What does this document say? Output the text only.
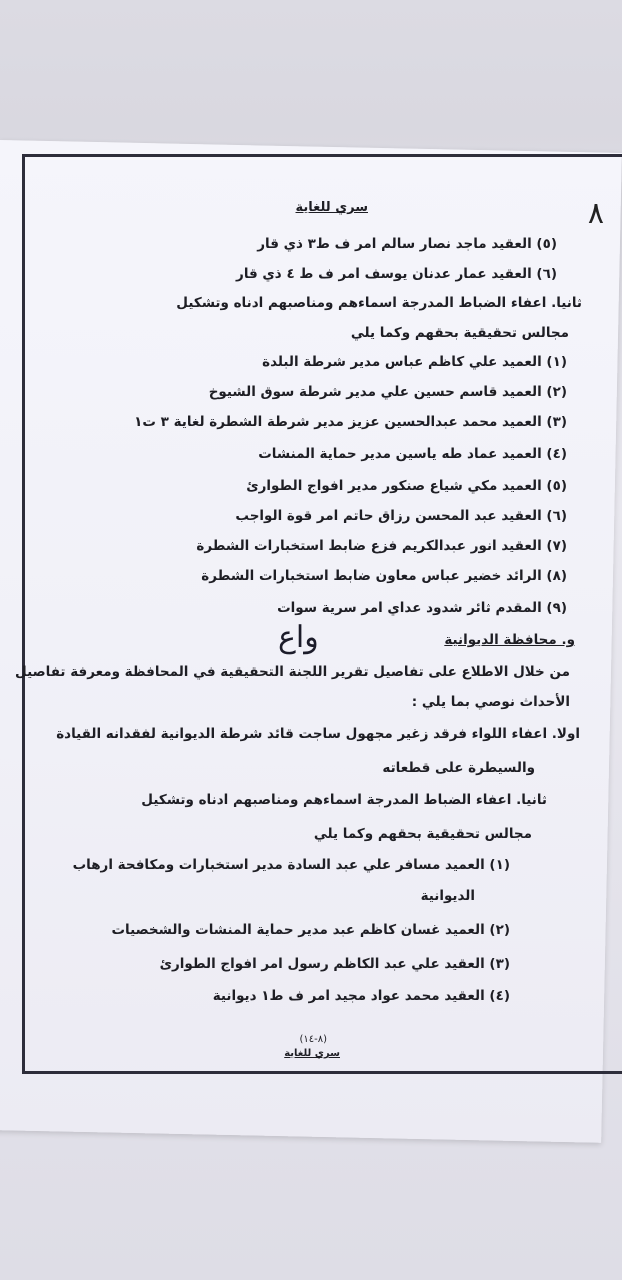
٨
سري للغاية
(٥) العقيد ماجد نصار سالم امر ف ط٣ ذي قار
(٦) العقيد عمار عدنان يوسف امر ف ط ٤ ذي قار
ثانيا. اعفاء الضباط المدرجة اسماءهم ومناصبهم ادناه وتشكيل
مجالس تحقيقية بحقهم وكما يلي
(١) العميد علي كاظم عباس مدير شرطة البلدة
(٢) العميد قاسم حسين علي مدير شرطة سوق الشيوخ
(٣) العميد محمد عبدالحسين عزيز مدير شرطة الشطرة لغاية ٣ ت١
(٤) العميد عماد طه ياسين مدير حماية المنشات
(٥) العميد مكي شياع صنكور مدير افواج الطوارئ
(٦) العقيد عبد المحسن رزاق حاتم امر قوة الواجب
(٧) العقيد انور عبدالكريم فزع ضابط استخبارات الشطرة
(٨) الرائد خضير عباس معاون ضابط استخبارات الشطرة
(٩) المقدم ثائر شدود عداي امر سرية سوات
واع	و. محافظة الديوانية
من خلال الاطلاع على تفاصيل تقرير اللجنة التحقيقية في المحافظة ومعرفة تفاصيل
الأحداث نوصي بما يلي :
اولا. اعفاء اللواء فرقد زغير مجهول ساجت قائد شرطة الديوانية لفقدانه القيادة
والسيطرة على قطعاته
ثانيا. اعفاء الضباط المدرجة اسماءهم ومناصبهم ادناه وتشكيل
مجالس تحقيقية بحقهم وكما يلي
(١) العميد مسافر علي عبد السادة مدير استخبارات ومكافحة ارهاب
الديوانية
(٢) العميد غسان كاظم عبد مدير حماية المنشات والشخصيات
(٣) العقيد علي عبد الكاظم رسول امر افواج الطوارئ
(٤) العقيد محمد عواد مجيد امر ف ط١ ديوانية
(٨-١٤)
سري للغاية
